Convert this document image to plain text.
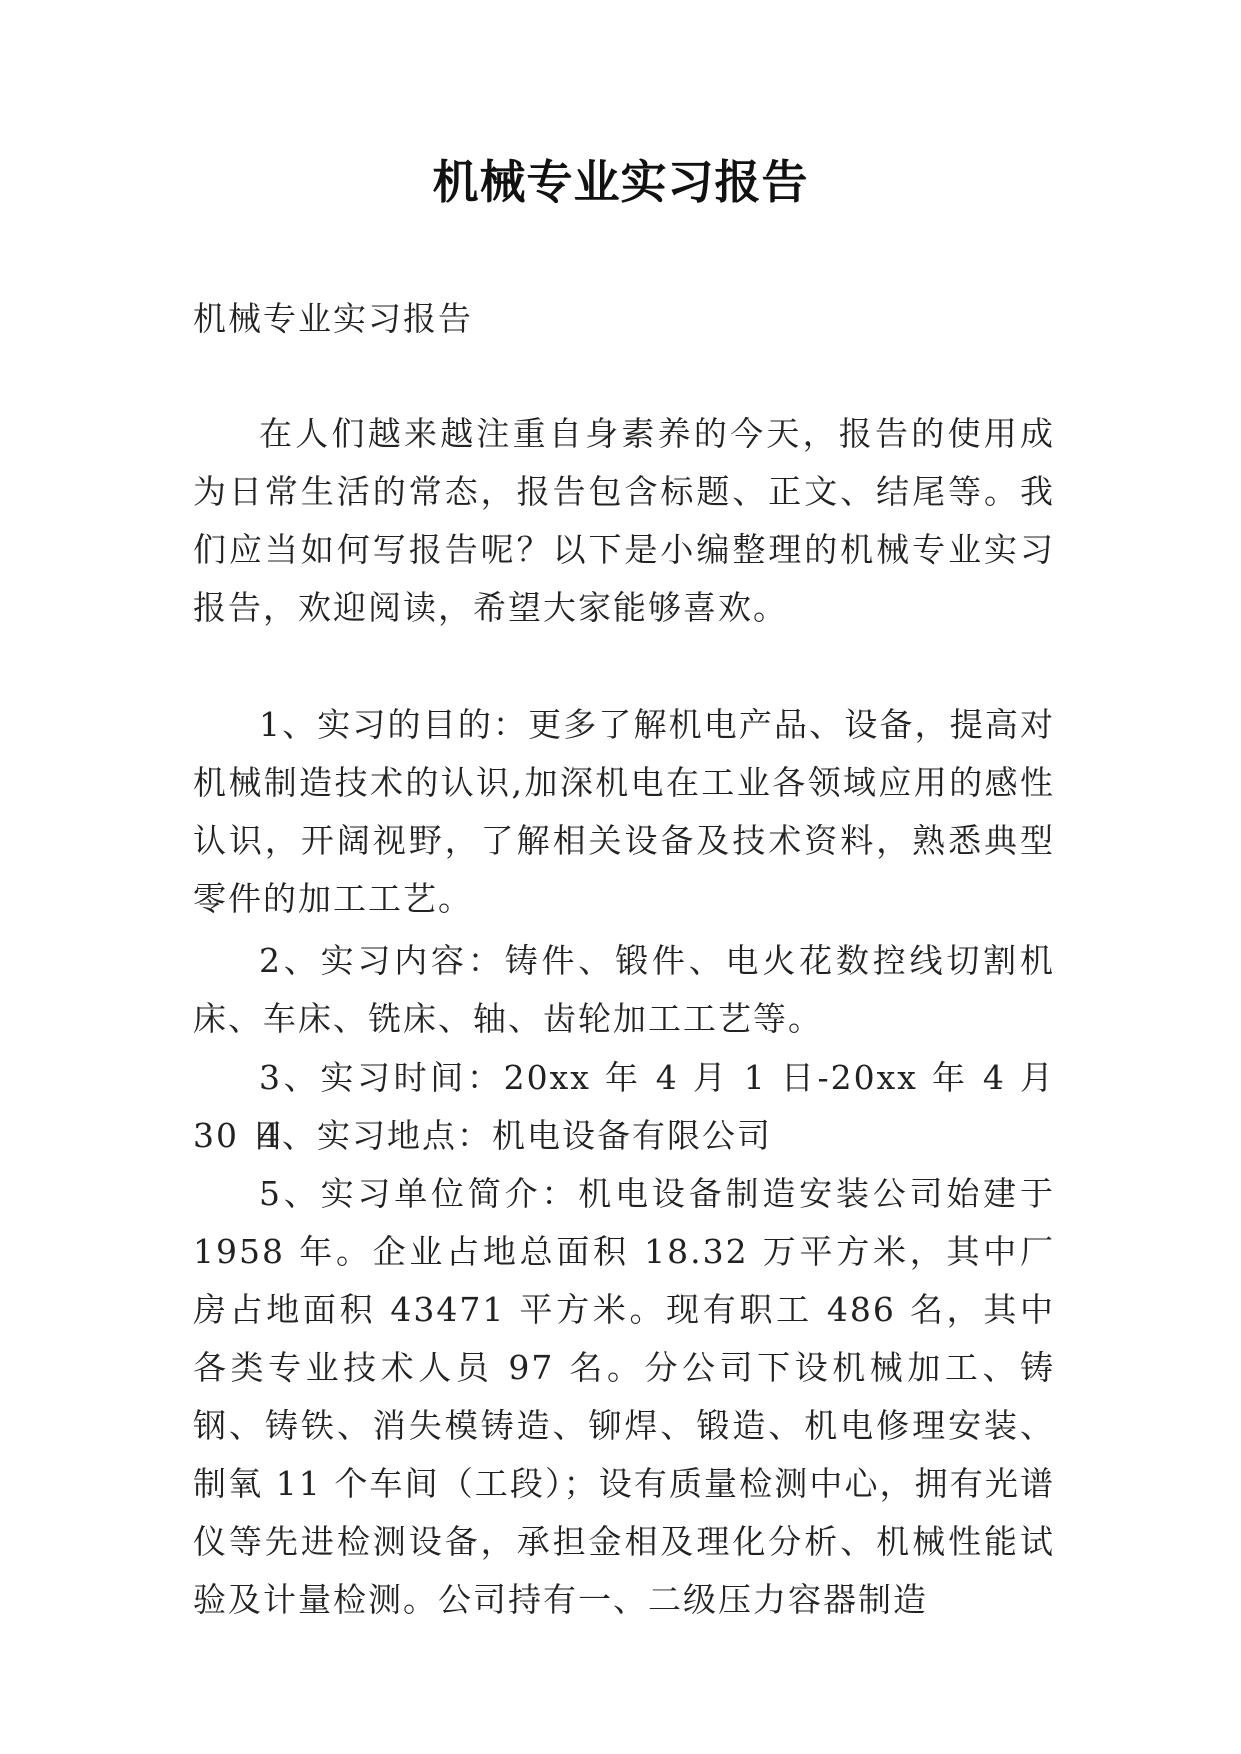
机械专业实习报告

机械专业实习报告

在人们越来越注重自身素养的今天，报告的使用成为日常生活的常态，报告包含标题、正文、结尾等。我们应当如何写报告呢？以下是小编整理的机械专业实习报告，欢迎阅读，希望大家能够喜欢。

1、实习的目的：更多了解机电产品、设备，提高对机械制造技术的认识,加深机电在工业各领域应用的感性认识，开阔视野，了解相关设备及技术资料，熟悉典型零件的加工工艺。

2、实习内容：铸件、锻件、电火花数控线切割机床、车床、铣床、轴、齿轮加工工艺等。

3、实习时间：20xx 年 4 月 1 日-20xx 年 4 月 30 日

4、实习地点：机电设备有限公司

5、实习单位简介：机电设备制造安装公司始建于 1958 年。企业占地总面积 18.32 万平方米，其中厂房占地面积 43471 平方米。现有职工 486 名，其中各类专业技术人员 97 名。分公司下设机械加工、铸钢、铸铁、消失模铸造、铆焊、锻造、机电修理安装、制氧 11 个车间（工段）；设有质量检测中心，拥有光谱仪等先进检测设备，承担金相及理化分析、机械性能试验及计量检测。公司持有一、二级压力容器制造
